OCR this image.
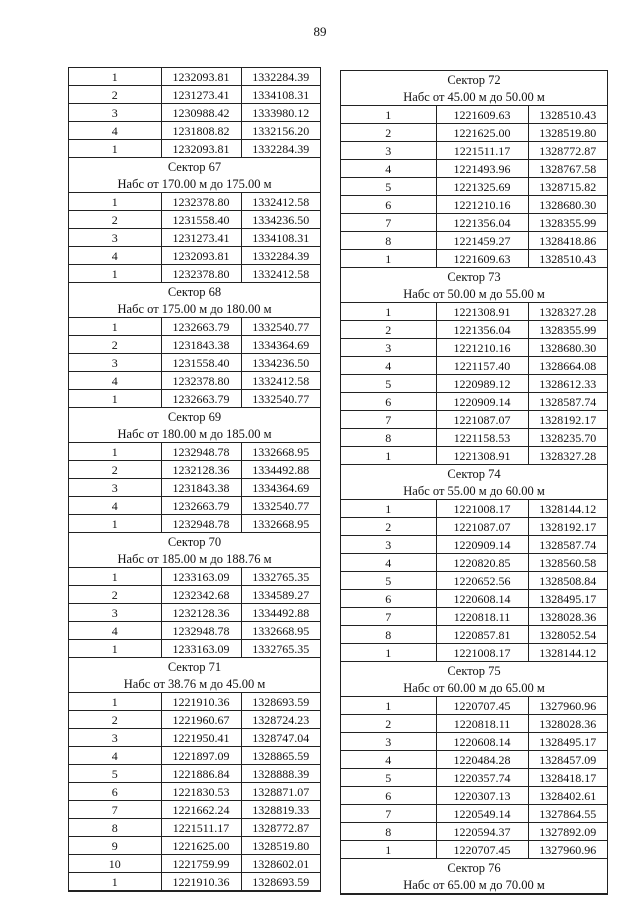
89
1	1232093.81	1332284.39
2	1231273.41	1334108.31
3	1230988.42	1333980.12
4	1231808.82	1332156.20
1	1232093.81	1332284.39
Сектор 67		
Набс от 170.00 м до 175.00 м		
1	1232378.80	1332412.58
2	1231558.40	1334236.50
3	1231273.41	1334108.31
4	1232093.81	1332284.39
1	1232378.80	1332412.58
Сектор 68		
Набс от 175.00 м до 180.00 м		
1	1232663.79	1332540.77
2	1231843.38	1334364.69
3	1231558.40	1334236.50
4	1232378.80	1332412.58
1	1232663.79	1332540.77
Сектор 69		
Набс от 180.00 м до 185.00 м		
1	1232948.78	1332668.95
2	1232128.36	1334492.88
3	1231843.38	1334364.69
4	1232663.79	1332540.77
1	1232948.78	1332668.95
Сектор 70		
Набс от 185.00 м до 188.76 м		
1	1233163.09	1332765.35
2	1232342.68	1334589.27
3	1232128.36	1334492.88
4	1232948.78	1332668.95
1	1233163.09	1332765.35
Сектор 71		
Набс от 38.76 м до 45.00 м		
1	1221910.36	1328693.59
2	1221960.67	1328724.23
3	1221950.41	1328747.04
4	1221897.09	1328865.59
5	1221886.84	1328888.39
6	1221830.53	1328871.07
7	1221662.24	1328819.33
8	1221511.17	1328772.87
9	1221625.00	1328519.80
10	1221759.99	1328602.01
1	1221910.36	1328693.59
Сектор 72		
Набс от 45.00 м до 50.00 м		
1	1221609.63	1328510.43
2	1221625.00	1328519.80
3	1221511.17	1328772.87
4	1221493.96	1328767.58
5	1221325.69	1328715.82
6	1221210.16	1328680.30
7	1221356.04	1328355.99
8	1221459.27	1328418.86
1	1221609.63	1328510.43
Сектор 73		
Набс от 50.00 м до 55.00 м		
1	1221308.91	1328327.28
2	1221356.04	1328355.99
3	1221210.16	1328680.30
4	1221157.40	1328664.08
5	1220989.12	1328612.33
6	1220909.14	1328587.74
7	1221087.07	1328192.17
8	1221158.53	1328235.70
1	1221308.91	1328327.28
Сектор 74		
Набс от 55.00 м до 60.00 м		
1	1221008.17	1328144.12
2	1221087.07	1328192.17
3	1220909.14	1328587.74
4	1220820.85	1328560.58
5	1220652.56	1328508.84
6	1220608.14	1328495.17
7	1220818.11	1328028.36
8	1220857.81	1328052.54
1	1221008.17	1328144.12
Сектор 75		
Набс от 60.00 м до 65.00 м		
1	1220707.45	1327960.96
2	1220818.11	1328028.36
3	1220608.14	1328495.17
4	1220484.28	1328457.09
5	1220357.74	1328418.17
6	1220307.13	1328402.61
7	1220549.14	1327864.55
8	1220594.37	1327892.09
1	1220707.45	1327960.96
Сектор 76		
Набс от 65.00 м до 70.00 м		
